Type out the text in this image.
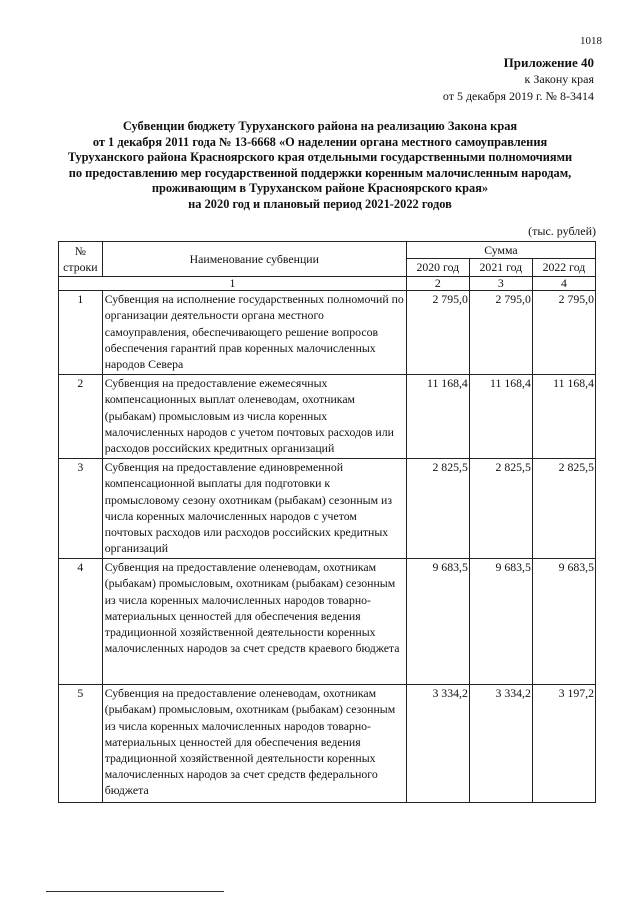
1018
Приложение 40
к Закону края
от 5 декабря 2019 г. № 8-3414
Субвенции бюджету Туруханского района на реализацию Закона края
от 1 декабря 2011 года № 13-6668 «О наделении органа местного самоуправления
Туруханского района Красноярского края отдельными государственными полномочиями
по предоставлению мер государственной поддержки коренным малочисленным народам,
проживающим в Туруханском районе Красноярского края»
на 2020 год и плановый период 2021-2022 годов
(тыс. рублей)
№ строки	Наименование субвенции	Сумма		
		2020 год	2021 год	2022 год
1		2	3	4
1	Субвенция на исполнение государственных полномочий по организации деятельности органа местного самоуправления, обеспечивающего решение вопросов обеспечения гарантий прав коренных малочисленных народов Севера	2 795,0	2 795,0	2 795,0
2	Субвенция на предоставление ежемесячных компенсационных выплат оленеводам, охотникам (рыбакам) промысловым из числа коренных малочисленных народов с учетом почтовых расходов или расходов российских кредитных организаций	11 168,4	11 168,4	11 168,4
3	Субвенция на предоставление единовременной компенсационной выплаты для подготовки к промысловому сезону охотникам (рыбакам) сезонным из числа коренных малочисленных народов с учетом почтовых расходов или расходов российских кредитных организаций	2 825,5	2 825,5	2 825,5
4	Субвенция на предоставление оленеводам, охотникам (рыбакам) промысловым, охотникам (рыбакам) сезонным из числа коренных малочисленных народов товарно-материальных ценностей для обеспечения ведения традиционной хозяйственной деятельности коренных малочисленных народов за счет средств краевого бюджета	9 683,5	9 683,5	9 683,5
5	Субвенция на предоставление оленеводам, охотникам (рыбакам) промысловым, охотникам (рыбакам) сезонным из числа коренных малочисленных народов товарно-материальных ценностей для обеспечения ведения традиционной хозяйственной деятельности коренных малочисленных народов за счет средств федерального бюджета	3 334,2	3 334,2	3 197,2
